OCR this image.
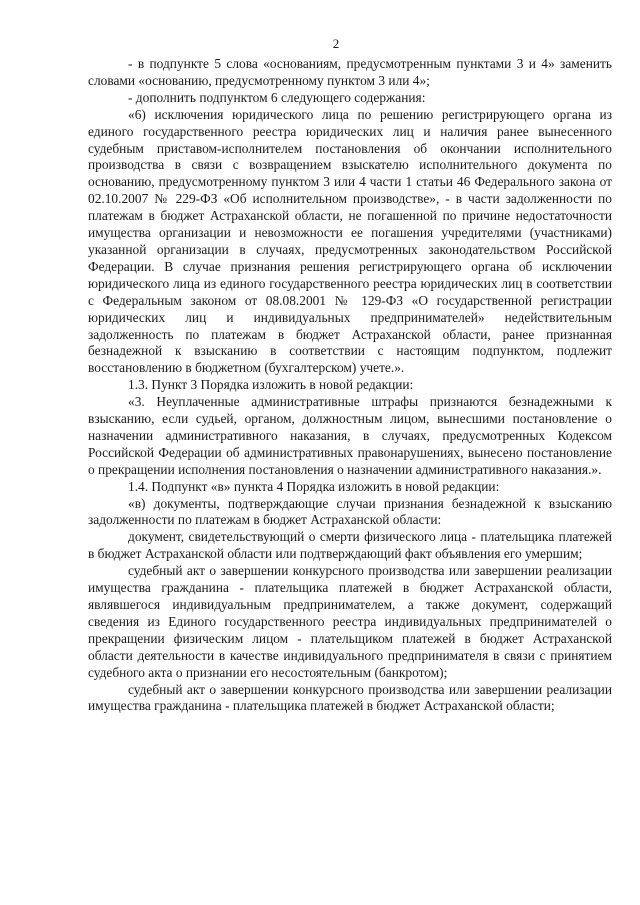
2

- в подпункте 5 слова «основаниям, предусмотренным пунктами 3 и 4» заменить словами «основанию, предусмотренному пунктом 3 или 4»;

- дополнить подпунктом 6 следующего содержания:

«6) исключения юридического лица по решению регистрирующего органа из единого государственного реестра юридических лиц и наличия ранее вынесенного судебным приставом-исполнителем постановления об окончании исполнительного производства в связи с возвращением взыскателю исполнительного документа по основанию, предусмотренному пунктом 3 или 4 части 1 статьи 46 Федерального закона от 02.10.2007 № 229-ФЗ «Об исполнительном производстве», - в части задолженности по платежам в бюджет Астраханской области, не погашенной по причине недостаточности имущества организации и невозможности ее погашения учредителями (участниками) указанной организации в случаях, предусмотренных законодательством Российской Федерации. В случае признания решения регистрирующего органа об исключении юридического лица из единого государственного реестра юридических лиц в соответствии с Федеральным законом от 08.08.2001 № 129-ФЗ «О государственной регистрации юридических лиц и индивидуальных предпринимателей» недействительным задолженность по платежам в бюджет Астраханской области, ранее признанная безнадежной к взысканию в соответствии с настоящим подпунктом, подлежит восстановлению в бюджетном (бухгалтерском) учете.».

1.3. Пункт 3 Порядка изложить в новой редакции:

«3. Неуплаченные административные штрафы признаются безнадежными к взысканию, если судьей, органом, должностным лицом, вынесшими постановление о назначении административного наказания, в случаях, предусмотренных Кодексом Российской Федерации об административных правонарушениях, вынесено постановление о прекращении исполнения постановления о назначении административного наказания.».

1.4. Подпункт «в» пункта 4 Порядка изложить в новой редакции:

«в) документы, подтверждающие случаи признания безнадежной к взысканию задолженности по платежам в бюджет Астраханской области:

документ, свидетельствующий о смерти физического лица - плательщика платежей в бюджет Астраханской области или подтверждающий факт объявления его умершим;

судебный акт о завершении конкурсного производства или завершении реализации имущества гражданина - плательщика платежей в бюджет Астраханской области, являвшегося индивидуальным предпринимателем, а также документ, содержащий сведения из Единого государственного реестра индивидуальных предпринимателей о прекращении физическим лицом - плательщиком платежей в бюджет Астраханской области деятельности в качестве индивидуального предпринимателя в связи с принятием судебного акта о признании его несостоятельным (банкротом);

судебный акт о завершении конкурсного производства или завершении реализации имущества гражданина - плательщика платежей в бюджет Астраханской области;
